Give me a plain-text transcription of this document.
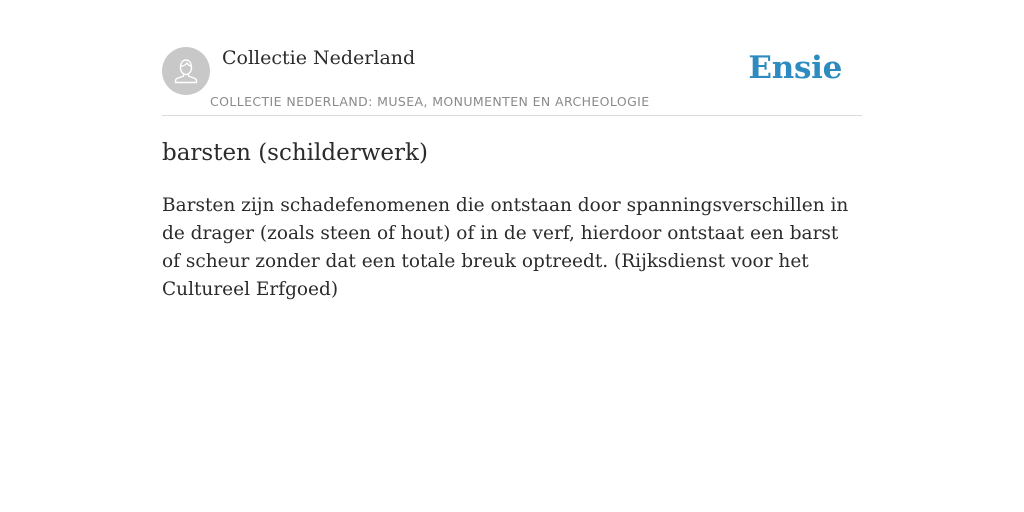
Collectie Nederland
COLLECTIE NEDERLAND: MUSEA, MONUMENTEN EN ARCHEOLOGIE
Ensie
barsten (schilderwerk)

Barsten zijn schadefenomenen die ontstaan door spanningsverschillen in de drager (zoals steen of hout) of in de verf, hierdoor ontstaat een barst of scheur zonder dat een totale breuk optreedt. (Rijksdienst voor het Cultureel Erfgoed)
